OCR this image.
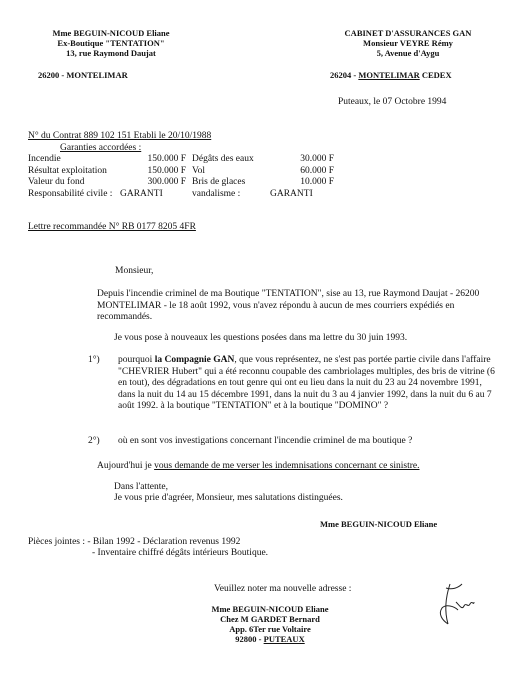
Mme BEGUIN-NICOUD Eliane
Ex-Boutique "TENTATION"
13, rue Raymond Daujat
26200 - MONTELIMAR
CABINET D'ASSURANCES GAN
Monsieur VEYRE Rémy
5, Avenue d'Aygu
26204 - MONTELIMAR CEDEX
Puteaux, le 07 Octobre 1994
N° du Contrat 889 102 151 Etabli le 20/10/1988
Garanties accordées :
Incendie	150.000 F Dégâts des eaux	30.000 F
Résultat exploitation	150.000 F Vol	60.000 F
Valeur du fond	300.000 F Bris de glaces	10.000 F
Responsabilité civile : GARANTI	vandalisme :	GARANTI
Lettre recommandée N° RB 0177 8205 4FR
Monsieur,

Depuis l'incendie criminel de ma Boutique "TENTATION", sise au 13, rue Raymond Daujat - 26200 MONTELIMAR - le 18 août 1992, vous n'avez répondu à aucun de mes courriers expédiés en recommandés.

Je vous pose à nouveaux les questions posées dans ma lettre du 30 juin 1993.

1°)	pourquoi la Compagnie GAN, que vous représentez, ne s'est pas portée partie civile dans l'affaire "CHEVRIER Hubert" qui a été reconnu coupable des cambriolages multiples, des bris de vitrine (6 en tout), des dégradations en tout genre qui ont eu lieu dans la nuit du 23 au 24 novembre 1991, dans la nuit du 14 au 15 décembre 1991, dans la nuit du 3 au 4 janvier 1992, dans la nuit du 6 au 7 août 1992. à la boutique "TENTATION" et à la boutique "DOMINO" ?
2°)	où en sont vos investigations concernant l'incendie criminel de ma boutique ?

Aujourd'hui je vous demande de me verser les indemnisations concernant ce sinistre.

Dans l'attente,
Je vous prie d'agréer, Monsieur, mes salutations distinguées.
Mme BEGUIN-NICOUD Eliane
Pièces jointes : - Bilan 1992 - Déclaration revenus 1992
- Inventaire chiffré dégâts intérieurs Boutique.
Veuillez noter ma nouvelle adresse :
Mme BEGUIN-NICOUD Eliane
Chez M GARDET Bernard
App. 6Ter rue Voltaire
92800 - PUTEAUX
